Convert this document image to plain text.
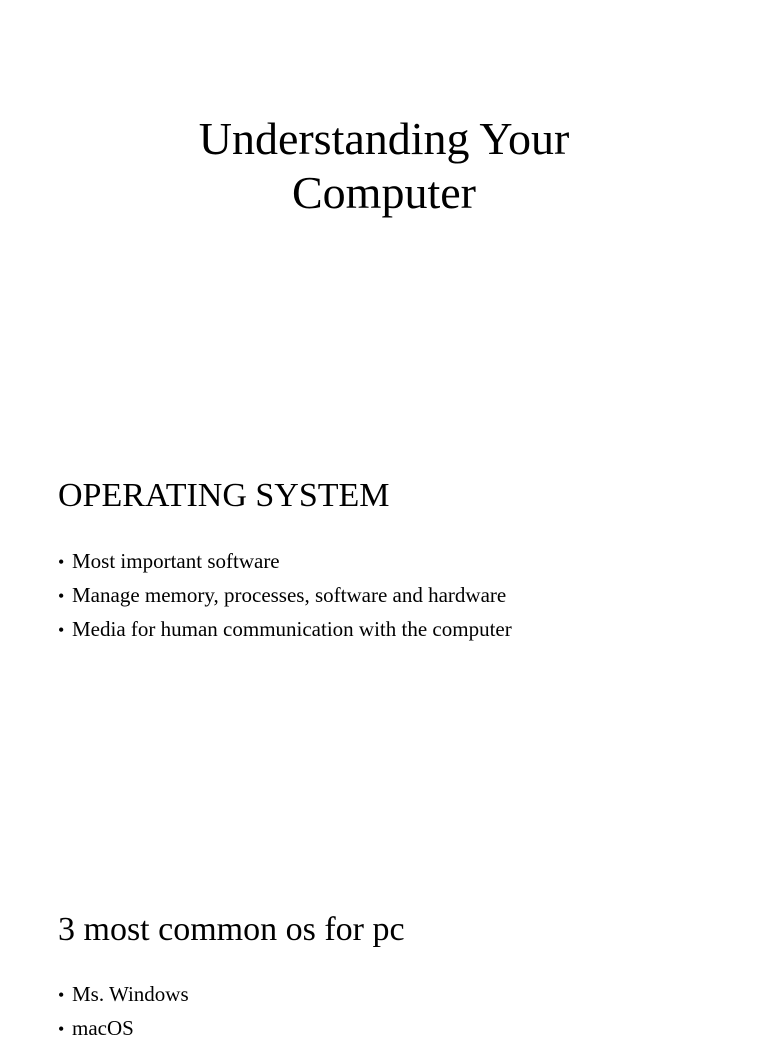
Understanding Your
Computer
OPERATING SYSTEM
• Most important software
• Manage memory, processes, software and hardware
• Media for human communication with the computer
3 most common os for pc
• Ms. Windows
• macOS
